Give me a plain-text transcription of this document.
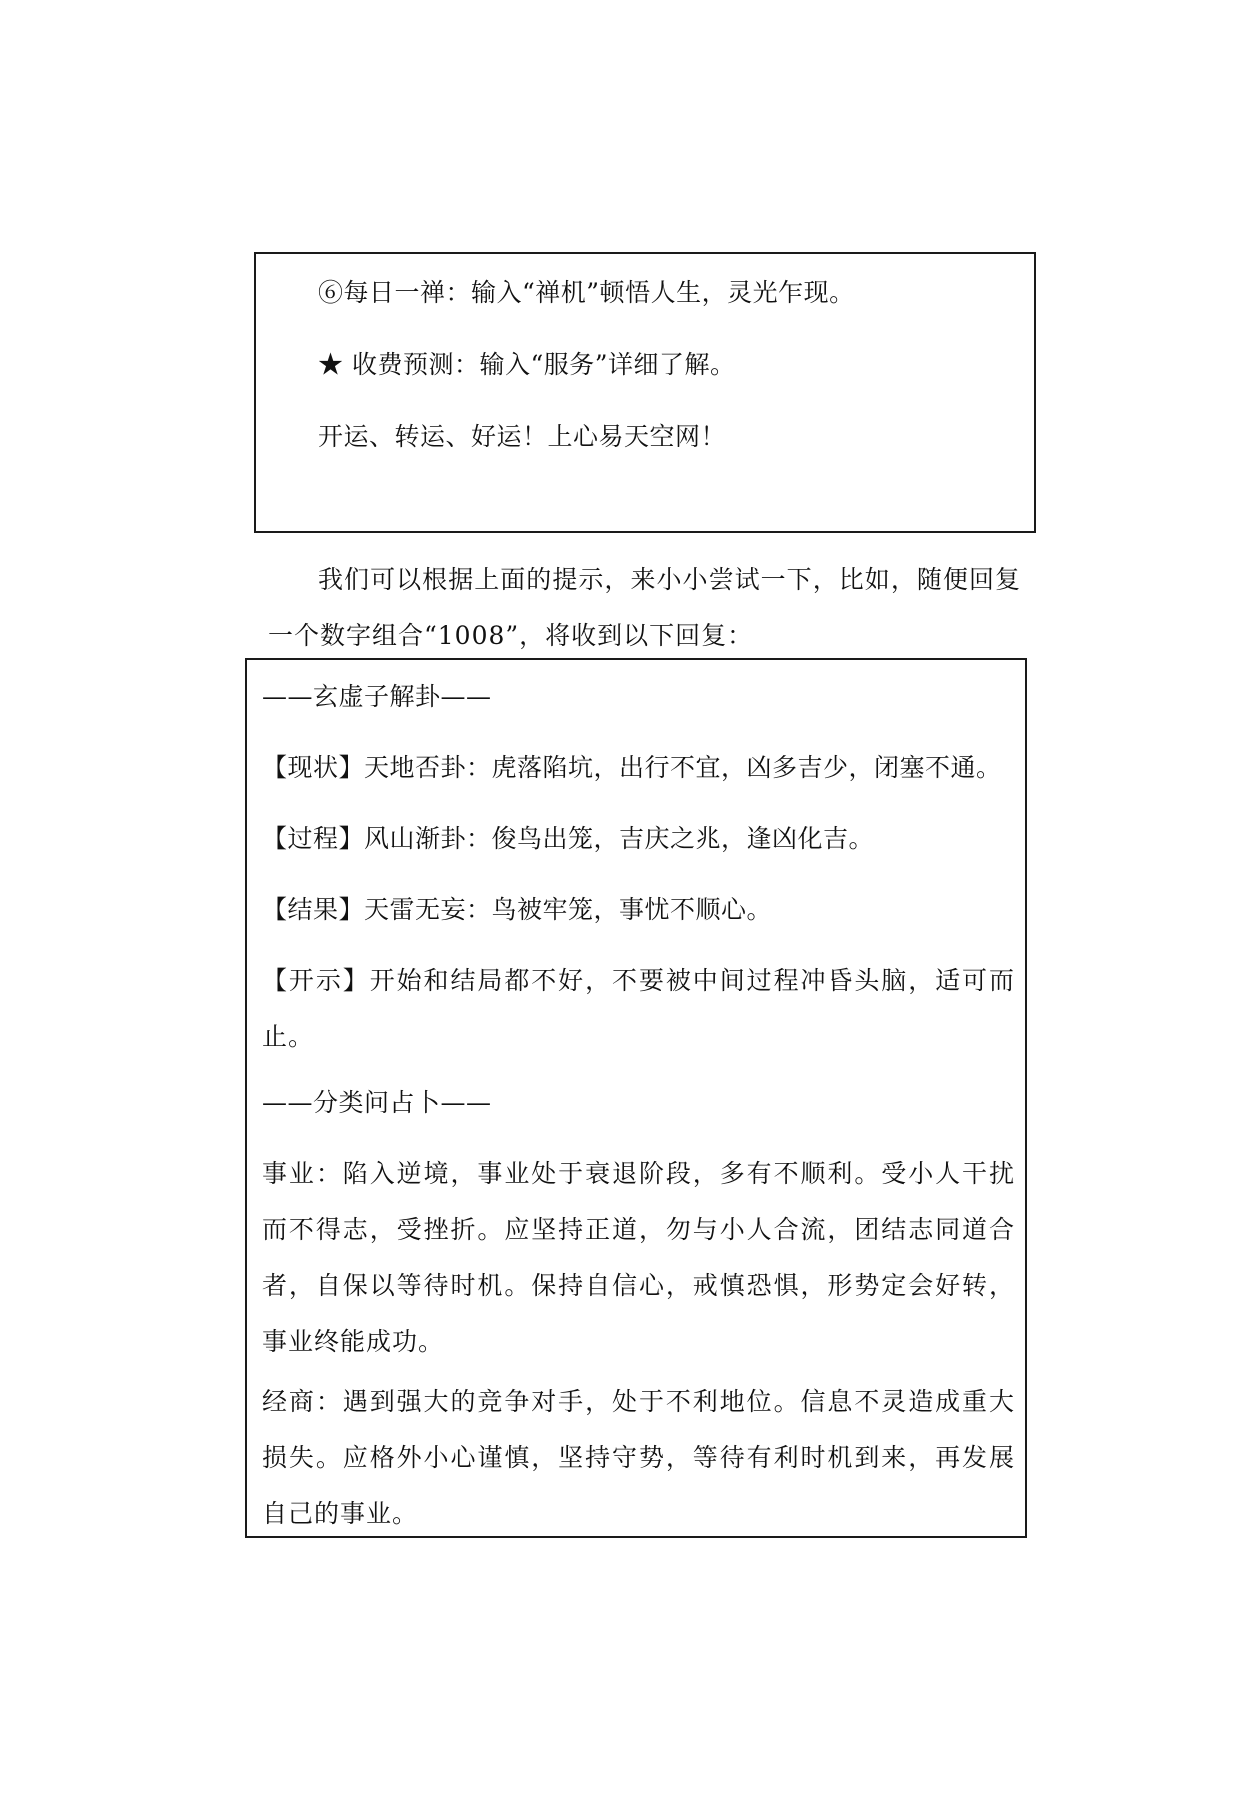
⑥每日一禅：输入“禅机”顿悟人生，灵光乍现。
★ 收费预测：输入“服务”详细了解。
开运、转运、好运！上心易天空网！
我们可以根据上面的提示，来小小尝试一下，比如，随便回复一个数字组合“1008”，将收到以下回复：
——玄虚子解卦——
【现状】天地否卦：虎落陷坑，出行不宜，凶多吉少，闭塞不通。
【过程】风山渐卦：俊鸟出笼，吉庆之兆，逢凶化吉。
【结果】天雷无妄：鸟被牢笼，事忧不顺心。
【开示】开始和结局都不好，不要被中间过程冲昏头脑，适可而止。
——分类问占卜——
事业：陷入逆境，事业处于衰退阶段，多有不顺利。受小人干扰而不得志，受挫折。应坚持正道，勿与小人合流，团结志同道合者，自保以等待时机。保持自信心，戒慎恐惧，形势定会好转，事业终能成功。
经商：遇到强大的竞争对手，处于不利地位。信息不灵造成重大损失。应格外小心谨慎，坚持守势，等待有利时机到来，再发展自己的事业。
